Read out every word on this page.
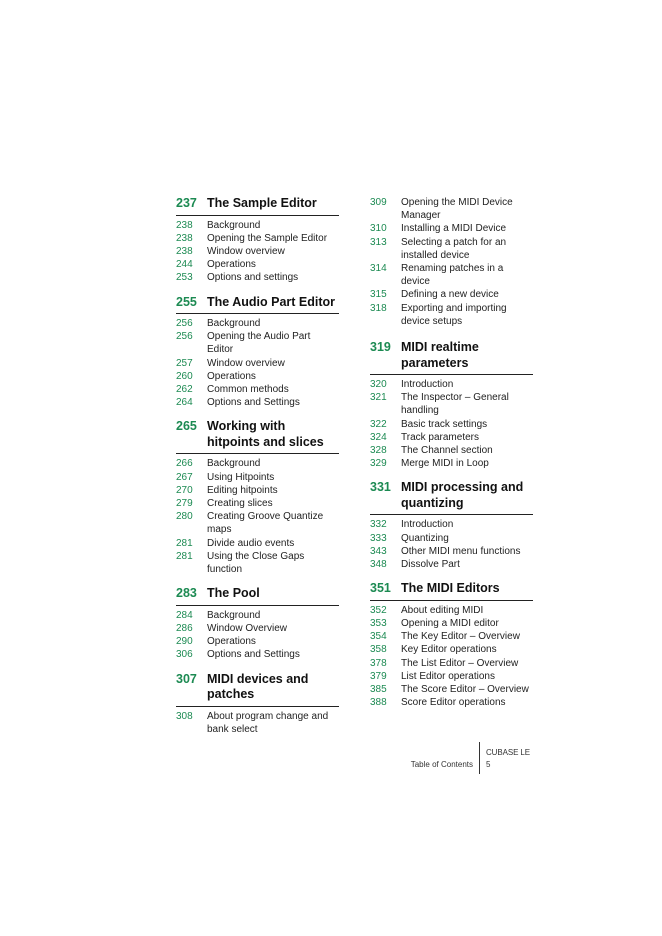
237 The Sample Editor
238	Background
238	Opening the Sample Editor
238	Window overview
244	Operations
253	Options and settings
255 The Audio Part Editor
256	Background
256	Opening the Audio Part Editor
257	Window overview
260	Operations
262	Common methods
264	Options and Settings
265 Working with hitpoints and slices
266	Background
267	Using Hitpoints
270	Editing hitpoints
279	Creating slices
280	Creating Groove Quantize maps
281	Divide audio events
281	Using the Close Gaps function
283 The Pool
284	Background
286	Window Overview
290	Operations
306	Options and Settings
307 MIDI devices and patches
308	About program change and bank select
309	Opening the MIDI Device Manager
310	Installing a MIDI Device
313	Selecting a patch for an installed device
314	Renaming patches in a device
315	Defining a new device
318	Exporting and importing device setups
319 MIDI realtime parameters
320	Introduction
321	The Inspector – General handling
322	Basic track settings
324	Track parameters
328	The Channel section
329	Merge MIDI in Loop
331 MIDI processing and quantizing
332	Introduction
333	Quantizing
343	Other MIDI menu functions
348	Dissolve Part
351 The MIDI Editors
352	About editing MIDI
353	Opening a MIDI editor
354	The Key Editor – Overview
358	Key Editor operations
378	The List Editor – Overview
379	List Editor operations
385	The Score Editor – Overview
388	Score Editor operations
Table of Contents
CUBASE LE
5
